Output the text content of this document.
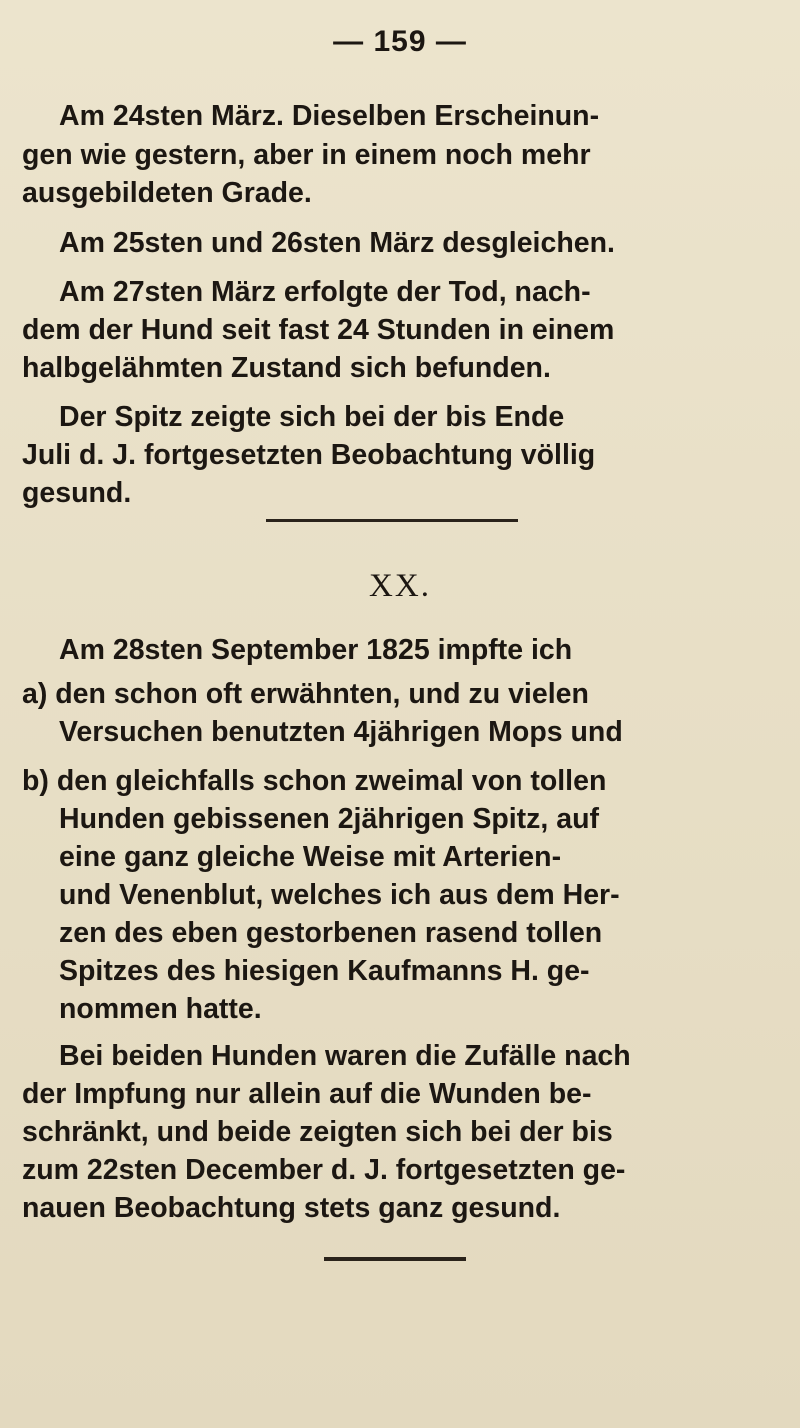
— 159 —
Am 24sten März. Dieselben Erscheinun-
gen wie gestern, aber in einem noch mehr
ausgebildeten Grade.
Am 25sten und 26sten März desgleichen.
Am 27sten März erfolgte der Tod, nach-
dem der Hund seit fast 24 Stunden in einem
halbgelähmten Zustand sich befunden.
Der Spitz zeigte sich bei der bis Ende
Juli d. J. fortgesetzten Beobachtung völlig
gesund.
XX.
Am 28sten September 1825 impfte ich
a) den schon oft erwähnten, und zu vielen
Versuchen benutzten 4jährigen Mops und
b) den gleichfalls schon zweimal von tollen
Hunden gebissenen 2jährigen Spitz, auf
eine ganz gleiche Weise mit Arterien-
und Venenblut, welches ich aus dem Her-
zen des eben gestorbenen rasend tollen
Spitzes des hiesigen Kaufmanns H. ge-
nommen hatte.
Bei beiden Hunden waren die Zufälle nach
der Impfung nur allein auf die Wunden be-
schränkt, und beide zeigten sich bei der bis
zum 22sten December d. J. fortgesetzten ge-
nauen Beobachtung stets ganz gesund.
